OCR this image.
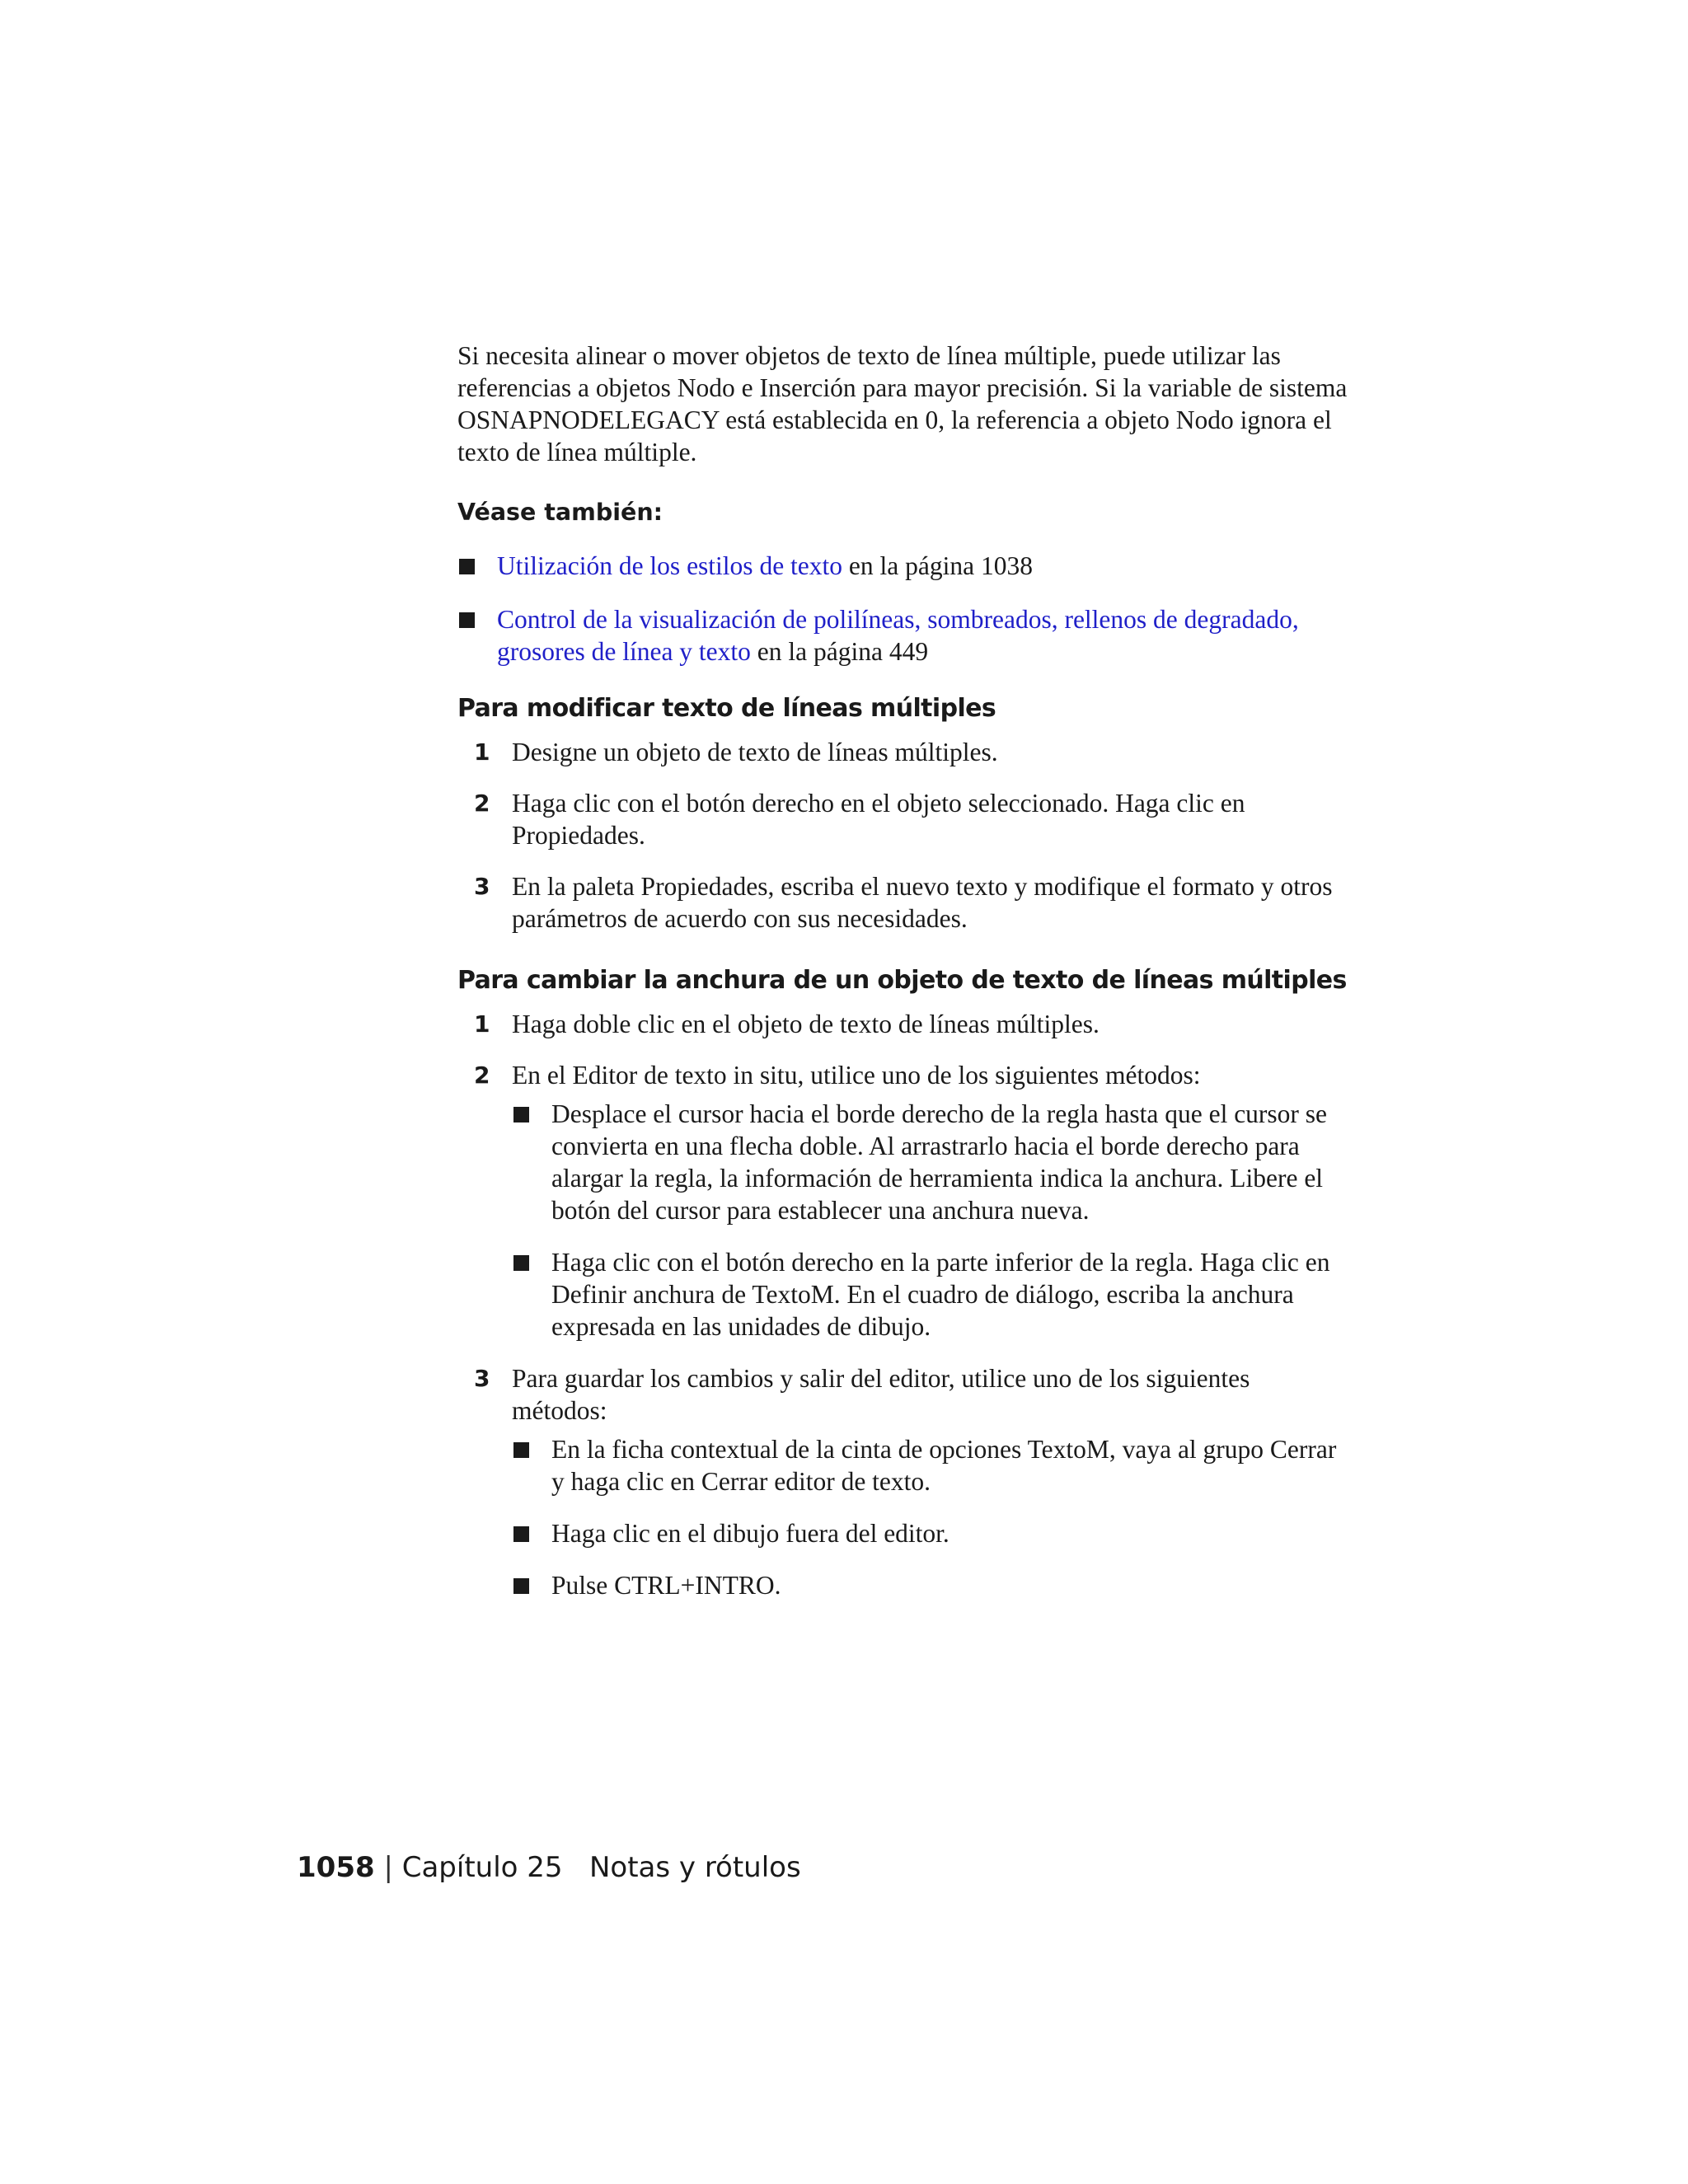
Si necesita alinear o mover objetos de texto de línea múltiple, puede utilizar las referencias a objetos Nodo e Inserción para mayor precisión. Si la variable de sistema OSNAPNODELEGACY está establecida en 0, la referencia a objeto Nodo ignora el texto de línea múltiple.

Véase también:
Utilización de los estilos de texto en la página 1038
Control de la visualización de polilíneas, sombreados, rellenos de degradado, grosores de línea y texto en la página 449
Para modificar texto de líneas múltiples
1 Designe un objeto de texto de líneas múltiples.
2 Haga clic con el botón derecho en el objeto seleccionado. Haga clic en Propiedades.
3 En la paleta Propiedades, escriba el nuevo texto y modifique el formato y otros parámetros de acuerdo con sus necesidades.
Para cambiar la anchura de un objeto de texto de líneas múltiples
1 Haga doble clic en el objeto de texto de líneas múltiples.
2 En el Editor de texto in situ, utilice uno de los siguientes métodos:
Desplace el cursor hacia el borde derecho de la regla hasta que el cursor se convierta en una flecha doble. Al arrastrarlo hacia el borde derecho para alargar la regla, la información de herramienta indica la anchura. Libere el botón del cursor para establecer una anchura nueva.
Haga clic con el botón derecho en la parte inferior de la regla. Haga clic en Definir anchura de TextoM. En el cuadro de diálogo, escriba la anchura expresada en las unidades de dibujo.
3 Para guardar los cambios y salir del editor, utilice uno de los siguientes métodos:
En la ficha contextual de la cinta de opciones TextoM, vaya al grupo Cerrar y haga clic en Cerrar editor de texto.
Haga clic en el dibujo fuera del editor.
Pulse CTRL+INTRO.
1058 | Capítulo 25 Notas y rótulos
